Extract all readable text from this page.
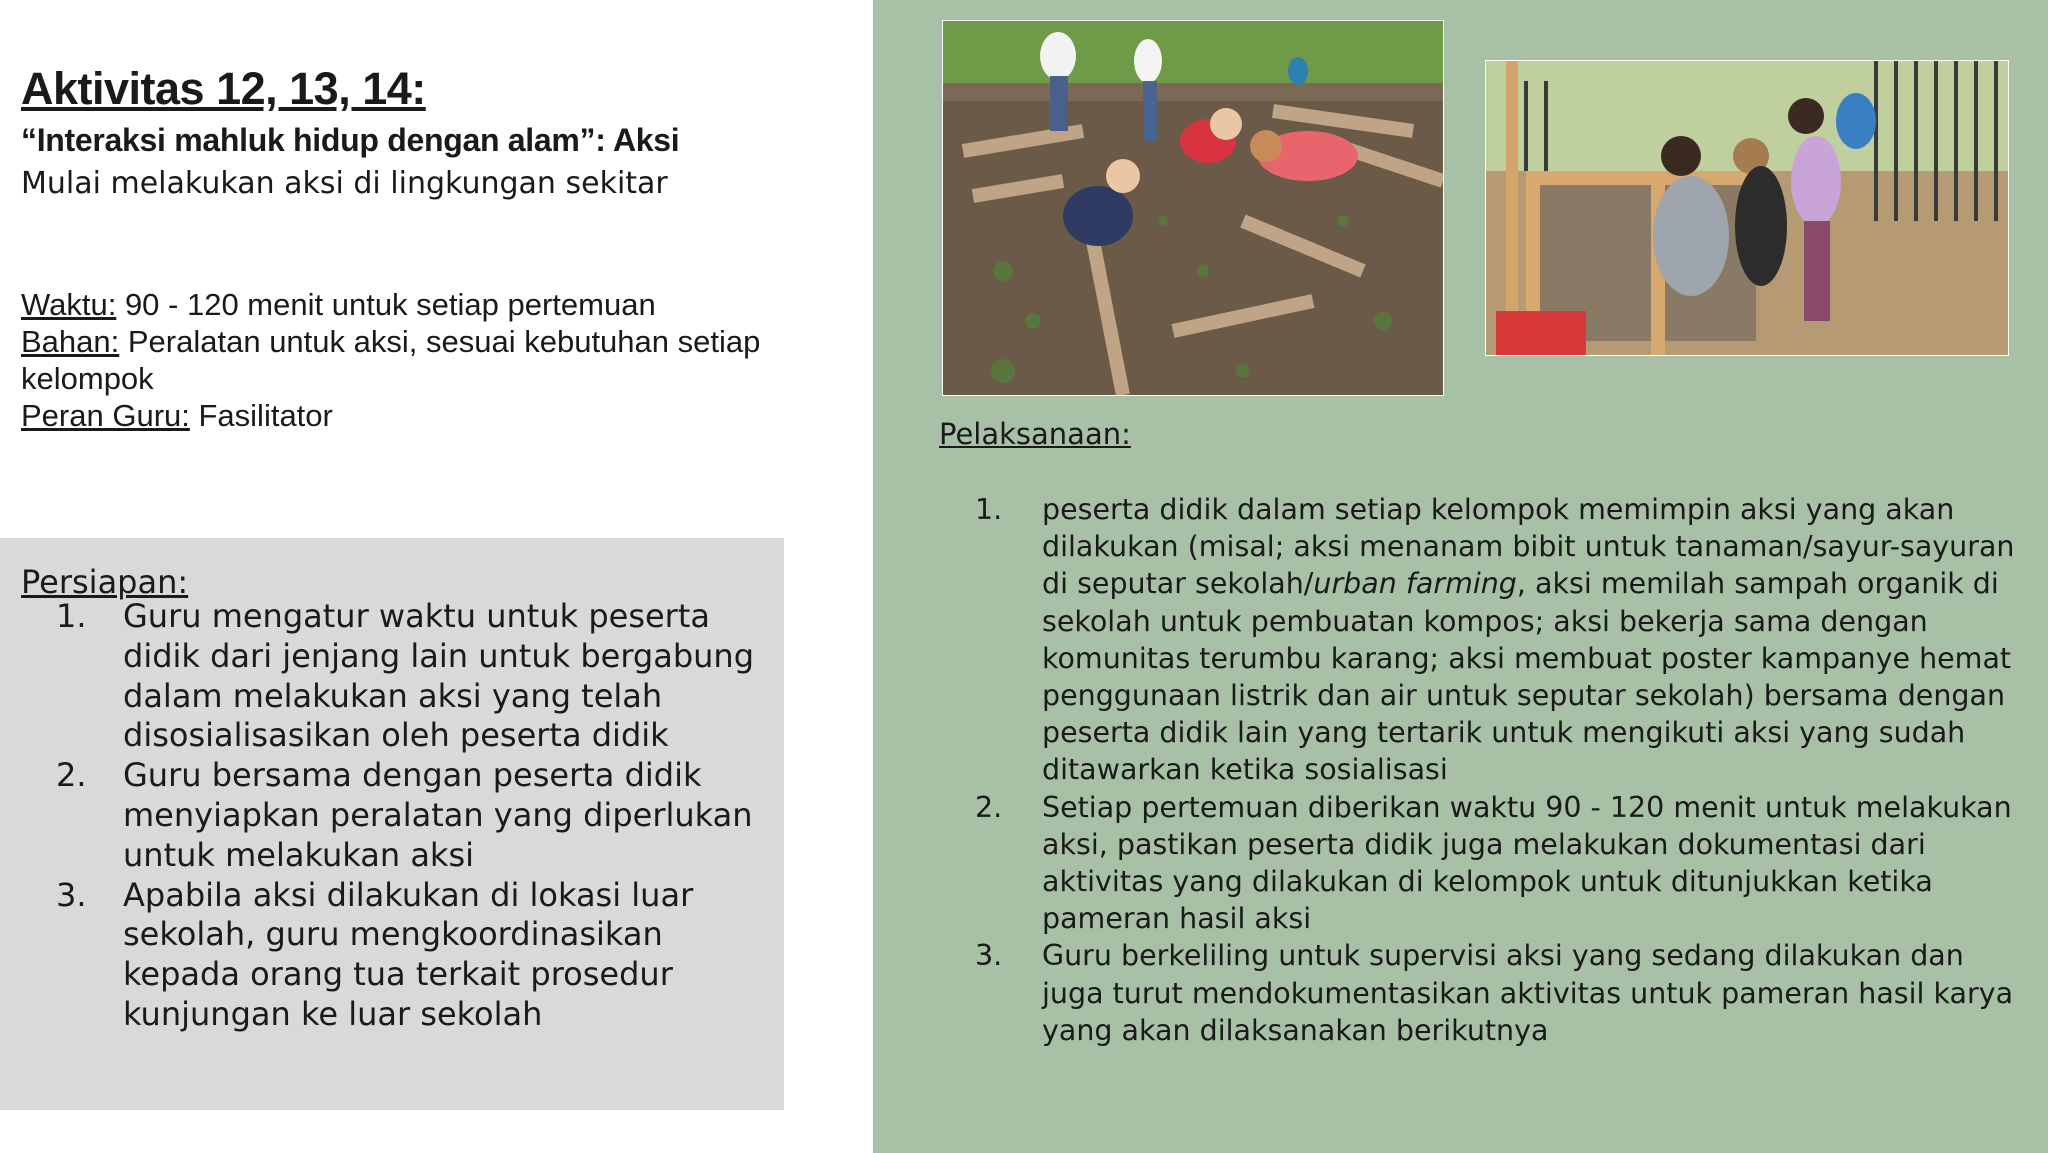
Aktivitas 12, 13, 14:

“Interaksi mahluk hidup dengan alam”: Aksi

Mulai melakukan aksi di lingkungan sekitar

Waktu: 90 - 120 menit untuk setiap pertemuan

Bahan: Peralatan untuk aksi, sesuai kebutuhan setiap kelompok

Peran Guru: Fasilitator

Persiapan:

1.	Guru mengatur waktu untuk peserta didik dari jenjang lain untuk bergabung dalam melakukan aksi yang telah disosialisasikan oleh peserta didik
2.	Guru bersama dengan peserta didik menyiapkan peralatan yang diperlukan untuk melakukan aksi
3.	Apabila aksi dilakukan di lokasi luar sekolah, guru mengkoordinasikan kepada orang tua terkait prosedur kunjungan ke luar sekolah

Pelaksanaan:

1.	peserta didik dalam setiap kelompok memimpin aksi yang akan dilakukan (misal; aksi menanam bibit untuk tanaman/sayur-sayuran di seputar sekolah/urban farming, aksi memilah sampah organik di sekolah untuk pembuatan kompos; aksi bekerja sama dengan komunitas terumbu karang; aksi membuat poster kampanye hemat penggunaan listrik dan air untuk seputar sekolah) bersama dengan peserta didik lain yang tertarik untuk mengikuti aksi yang sudah ditawarkan ketika sosialisasi
2.	Setiap pertemuan diberikan waktu 90 - 120 menit untuk melakukan aksi, pastikan peserta didik juga melakukan dokumentasi dari aktivitas yang dilakukan di kelompok untuk ditunjukkan ketika pameran hasil aksi
3.	Guru berkeliling untuk supervisi aksi yang sedang dilakukan dan juga turut mendokumentasikan aktivitas untuk pameran hasil karya yang akan dilaksanakan berikutnya
